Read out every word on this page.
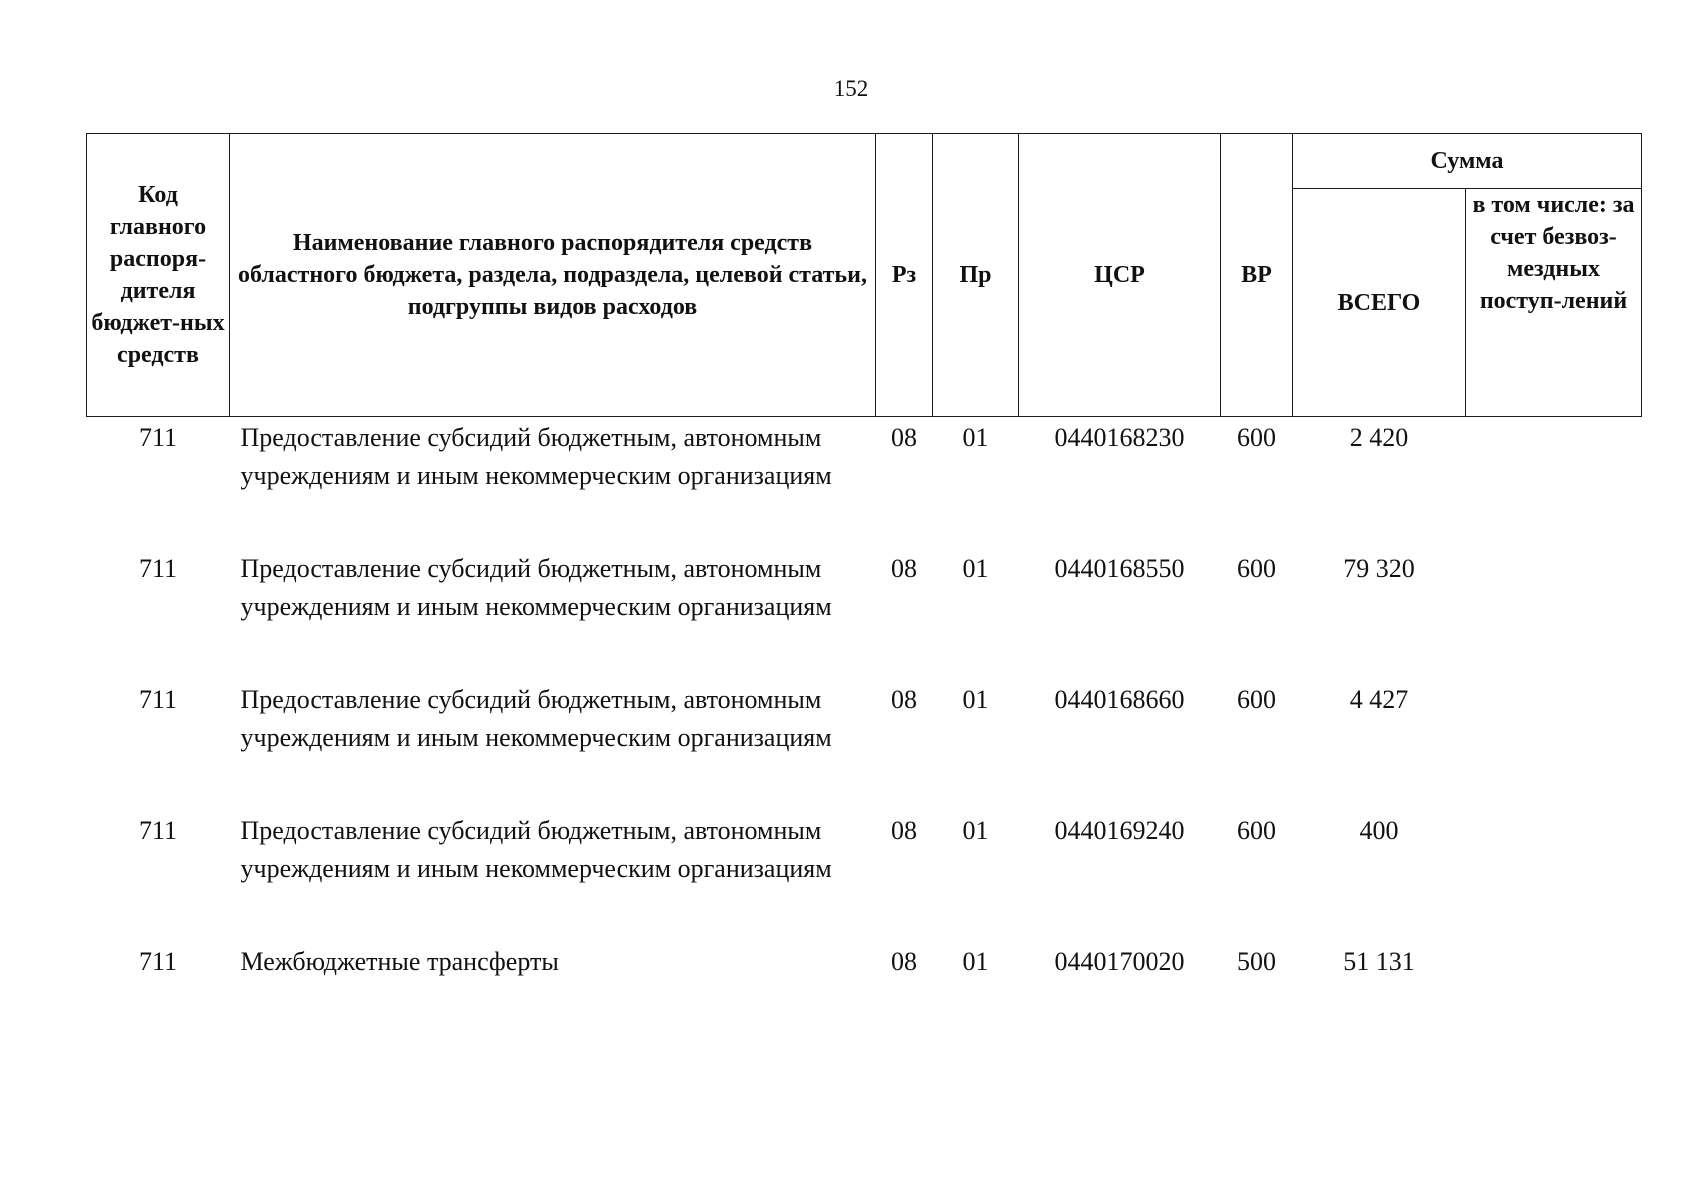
152
Код главного распоря-дителя бюджет-ных средств	Наименование главного распорядителя средств областного бюджета, раздела, подраздела, целевой статьи, подгруппы видов расходов	Рз	Пр	ЦСР	ВР	Сумма	
						ВСЕГО	в том числе: за счет безвоз-мездных поступ-лений
711	Предоставление субсидий бюджетным, автономным учреждениям и иным некоммерческим организациям	08	01	0440168230	600	2 420	
711	Предоставление субсидий бюджетным, автономным учреждениям и иным некоммерческим организациям	08	01	0440168550	600	79 320	
711	Предоставление субсидий бюджетным, автономным учреждениям и иным некоммерческим организациям	08	01	0440168660	600	4 427	
711	Предоставление субсидий бюджетным, автономным учреждениям и иным некоммерческим организациям	08	01	0440169240	600	400	
711	Межбюджетные трансферты	08	01	0440170020	500	51 131	
